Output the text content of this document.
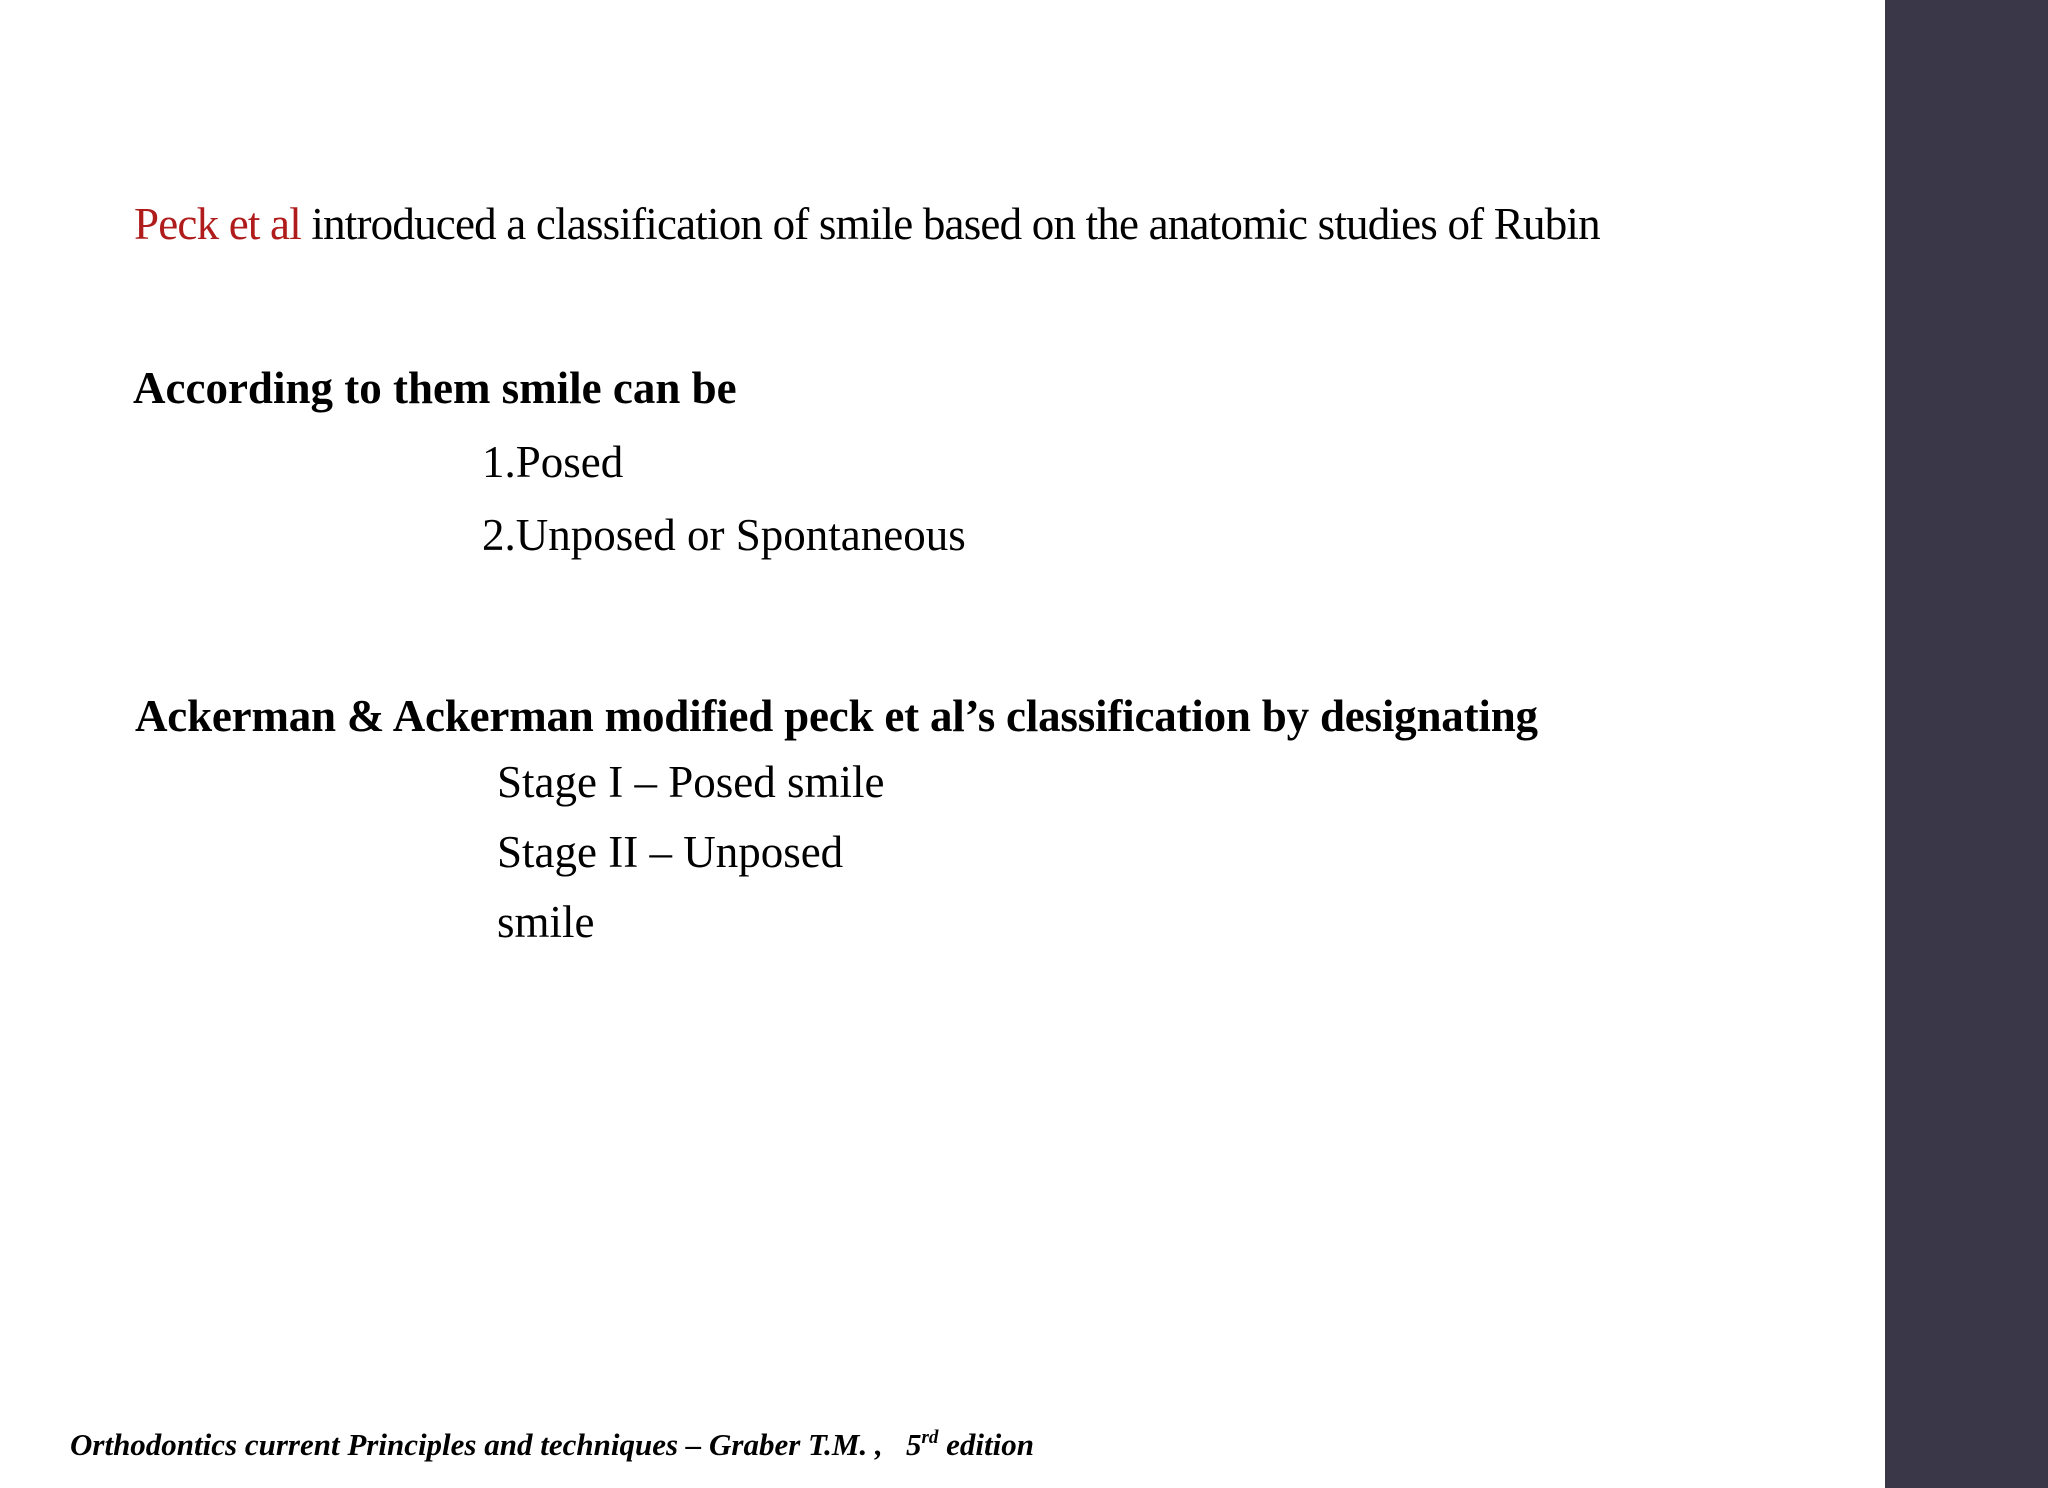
Peck et al introduced a classification of smile based on the anatomic studies of Rubin
According to them smile can be
1.Posed
2.Unposed or Spontaneous
Ackerman & Ackerman modified peck et al’s classification by designating
Stage I – Posed smile
Stage II – Unposed
smile
Orthodontics current Principles and techniques – Graber T.M. , 5rd edition
